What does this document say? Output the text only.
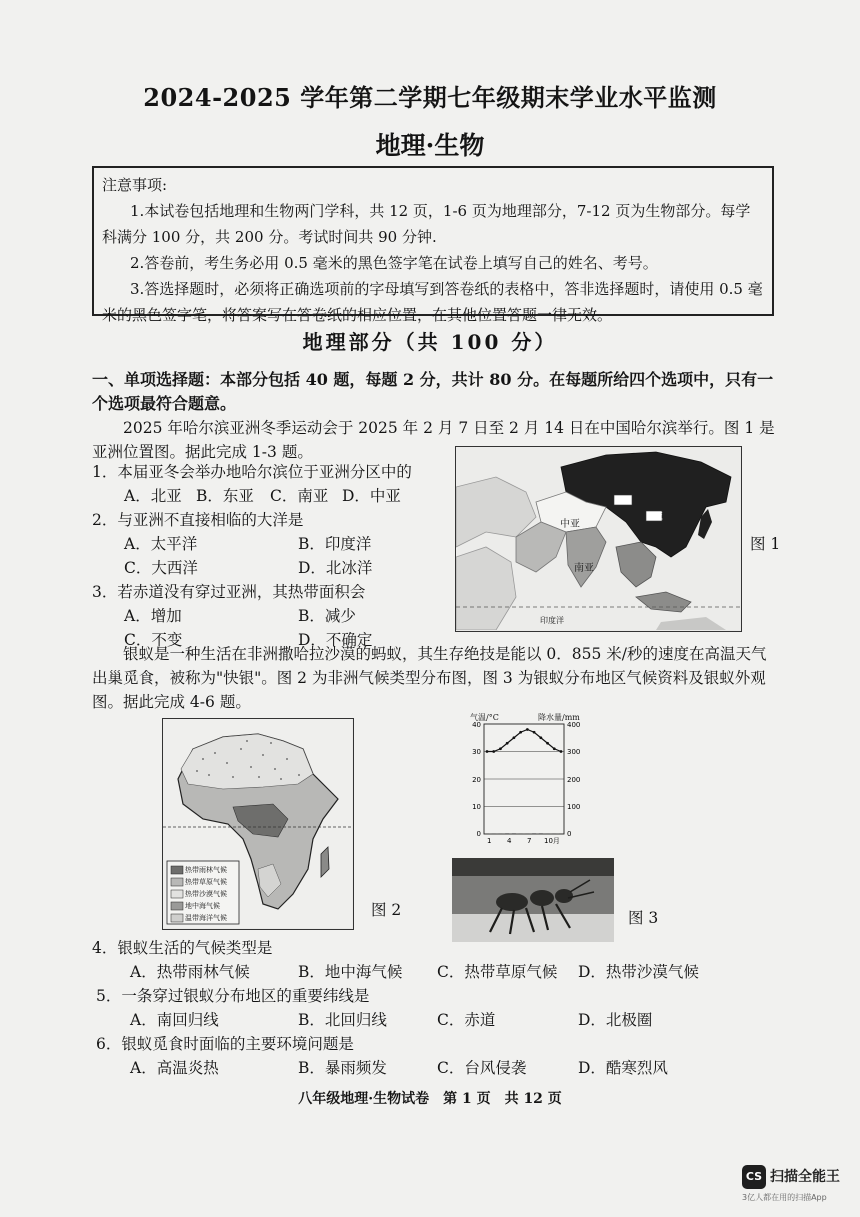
2024-2025 学年第二学期七年级期末学业水平监测
地理·生物

注意事项:

1.本试卷包括地理和生物两门学科，共 12 页，1-6 页为地理部分，7-12 页为生物部分。每学科满分 100 分，共 200 分。考试时间共 90 分钟.

2.答卷前，考生务必用 0.5 毫米的黑色签字笔在试卷上填写自己的姓名、考号。

3.答选择题时，必须将正确选项前的字母填写到答卷纸的表格中，答非选择题时，请使用 0.5 毫米的黑色签字笔，将答案写在答卷纸的相应位置，在其他位置答题一律无效。

地理部分（共 100 分）
一、单项选择题：本部分包括 40 题，每题 2 分，共计 80 分。在每题所给四个选项中，只有一个选项最符合题意。
2025 年哈尔滨亚洲冬季运动会于 2025 年 2 月 7 日至 2 月 14 日在中国哈尔滨举行。图 1 是亚洲位置图。据此完成 1-3 题。
1．本届亚冬会举办地哈尔滨位于亚洲分区中的
A．北亚 B．东亚 C．南亚 D．中亚
2．与亚洲不直接相临的大洋是
A．太平洋	B．印度洋
C．大西洋	D．北冰洋
3．若赤道没有穿过亚洲，其热带面积会
A．增加	B．减少
C．不变	D．不确定
中亚
南亚
东亚
北亚
印度洋
图 1
银蚁是一种生活在非洲撒哈拉沙漠的蚂蚁，其生存绝技是能以 0．855 米/秒的速度在高温天气出巢觅食，被称为"快银"。图 2 为非洲气候类型分布图，图 3 为银蚁分布地区气候资料及银蚁外观图。据此完成 4-6 题。
热带雨林气候
热带草原气候
热带沙漠气候
地中海气候
温带海洋气候	图 2
气温/°C	降水量/mm
40
30
20
10
0
400
300
200
100
0
1 4 7 10月
图 3
4．银蚁生活的气候类型是
A．热带雨林气候	B．地中海气候 C．热带草原气候 D．热带沙漠气候
5．一条穿过银蚁分布地区的重要纬线是
A．南回归线	B．北回归线	C．赤道	D．北极圈
6．银蚁觅食时面临的主要环境问题是
A．高温炎热	B．暴雨频发	C．台风侵袭	D．酷寒烈风
八年级地理·生物试卷　第 1 页　共 12 页
CS 扫描全能王
3亿人都在用的扫描App
